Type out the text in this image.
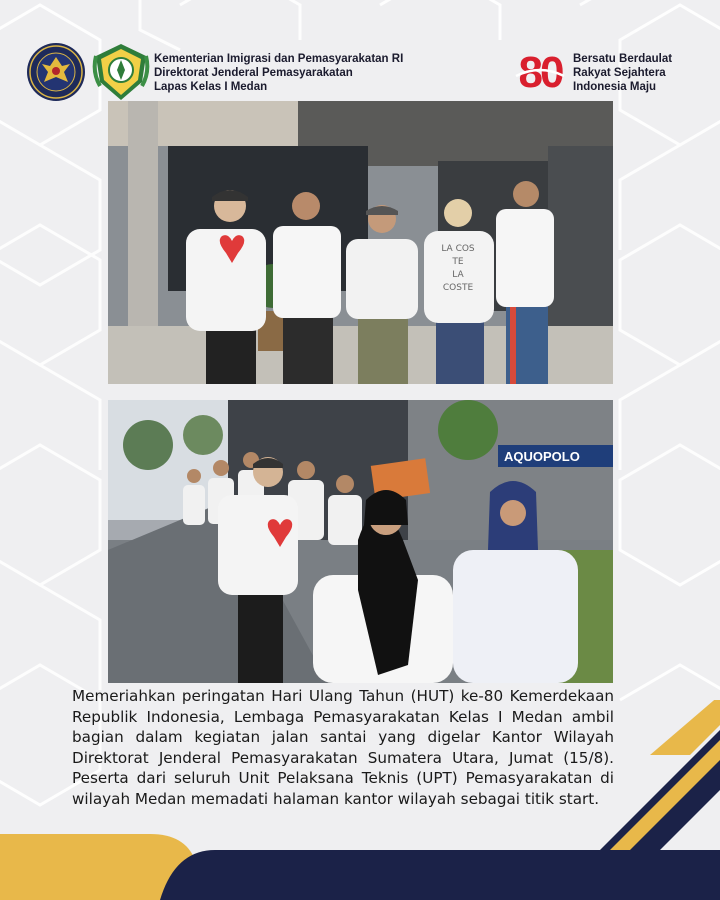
Kementerian Imigrasi dan Pemasyarakatan RI
Direktorat Jenderal Pemasyarakatan
Lapas Kelas I Medan	80 Bersatu Berdaulat
Rakyat Sejahtera
Indonesia Maju
LA COS
TE
LA
COSTE
AQUOPOLO
Memeriahkan peringatan Hari Ulang Tahun (HUT) ke-80 Kemerdekaan Republik Indonesia, Lembaga Pemasyarakatan Kelas I Medan ambil bagian dalam kegiatan jalan santai yang digelar Kantor Wilayah Direktorat Jenderal Pemasyarakatan Sumatera Utara, Jumat (15/8). Peserta dari seluruh Unit Pelaksana Teknis (UPT) Pemasyarakatan di wilayah Medan memadati halaman kantor wilayah sebagai titik start.
